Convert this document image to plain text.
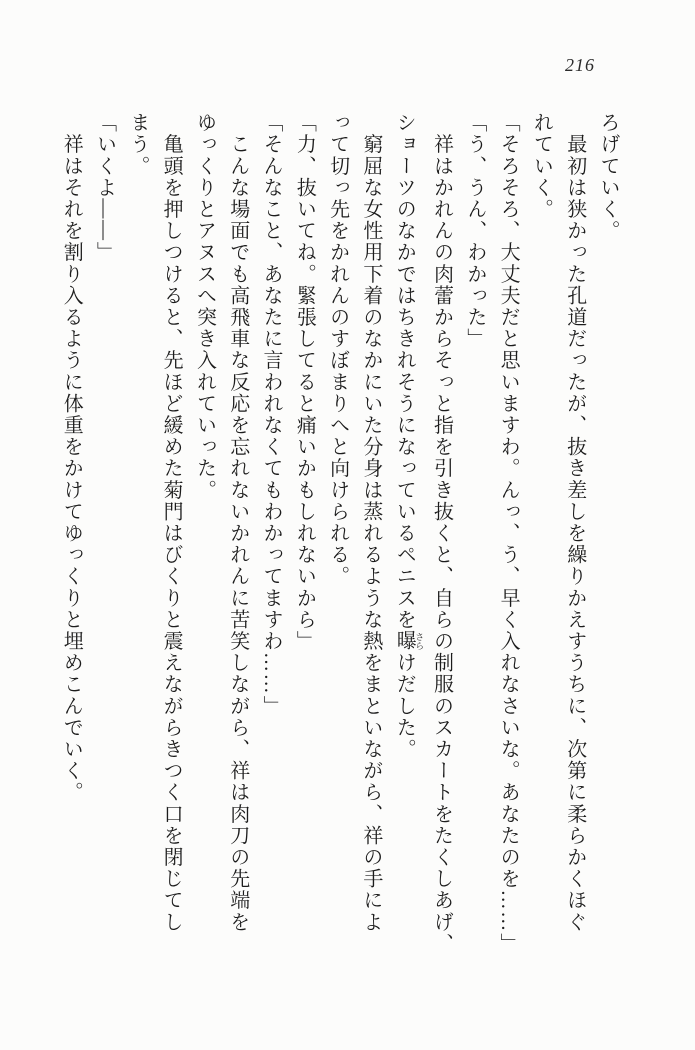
216

ろげていく。

　最初は狭かった孔道だったが、抜き差しを繰りかえすうちに、次第に柔らかくほぐ

れていく。

「そろそろ、大丈夫だと思いますわ。んっ、う、早く入れなさいな。あなたのを……」

「う、うん、わかった」

　祥はかれんの肉蕾からそっと指を引き抜くと、自らの制服のスカートをたくしあげ、

ショーツのなかではちきれそうになっているペニスを曝 さらけだした。

　窮屈な女性用下着のなかにいた分身は蒸れるような熱をまといながら、祥の手によ

って切っ先をかれんのすぼまりへと向けられる。

「力、抜いてね。緊張してると痛いかもしれないから」

「そんなこと、あなたに言われなくてもわかってますわ……」

　こんな場面でも高飛車な反応を忘れないかれんに苦笑しながら、祥は肉刀の先端を

ゆっくりとアヌスへ突き入れていった。

　亀頭を押しつけると、先ほど緩めた菊門はびくりと震えながらきつく口を閉じてし

まう。

「いくよ――」

　祥はそれを割り入るように体重をかけてゆっくりと埋めこんでいく。
